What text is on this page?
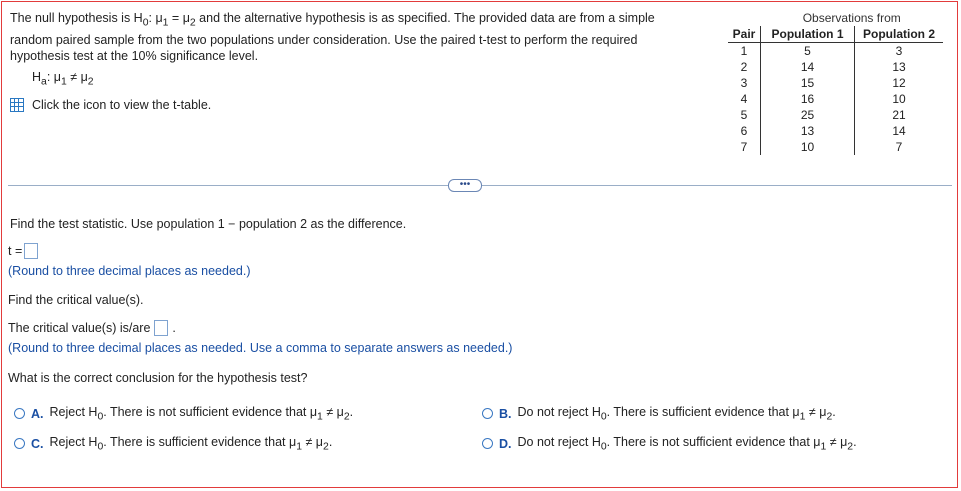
The null hypothesis is $H_0$: $\mu_1 = \mu_2$ and the alternative hypothesis is as specified. The provided data are from a simple random paired sample from the two populations under consideration. Use the paired t-test to perform the required hypothesis test at the 10% significance level.
$H_a$: $\mu_1 \ne \mu_2$
Click the icon to view the t-table.
	Observations from	
Pair	Population 1	Population 2
1	5	3
2	14	13
3	15	12
4	16	10
5	25	21
6	13	14
7	10	7
•••
Find the test statistic. Use population 1 − population 2 as the difference.
t =
(Round to three decimal places as needed.)
Find the critical value(s).
The critical value(s) is/are .
(Round to three decimal places as needed. Use a comma to separate answers as needed.)
What is the correct conclusion for the hypothesis test?
A. Reject $H_0$. There is not sufficient evidence that $\mu_1 \ne \mu_2$.	B. Do not reject $H_0$. There is sufficient evidence that $\mu_1 \ne \mu_2$.
C. Reject $H_0$. There is sufficient evidence that $\mu_1 \ne \mu_2$.	D. Do not reject $H_0$. There is not sufficient evidence that $\mu_1 \ne \mu_2$.
